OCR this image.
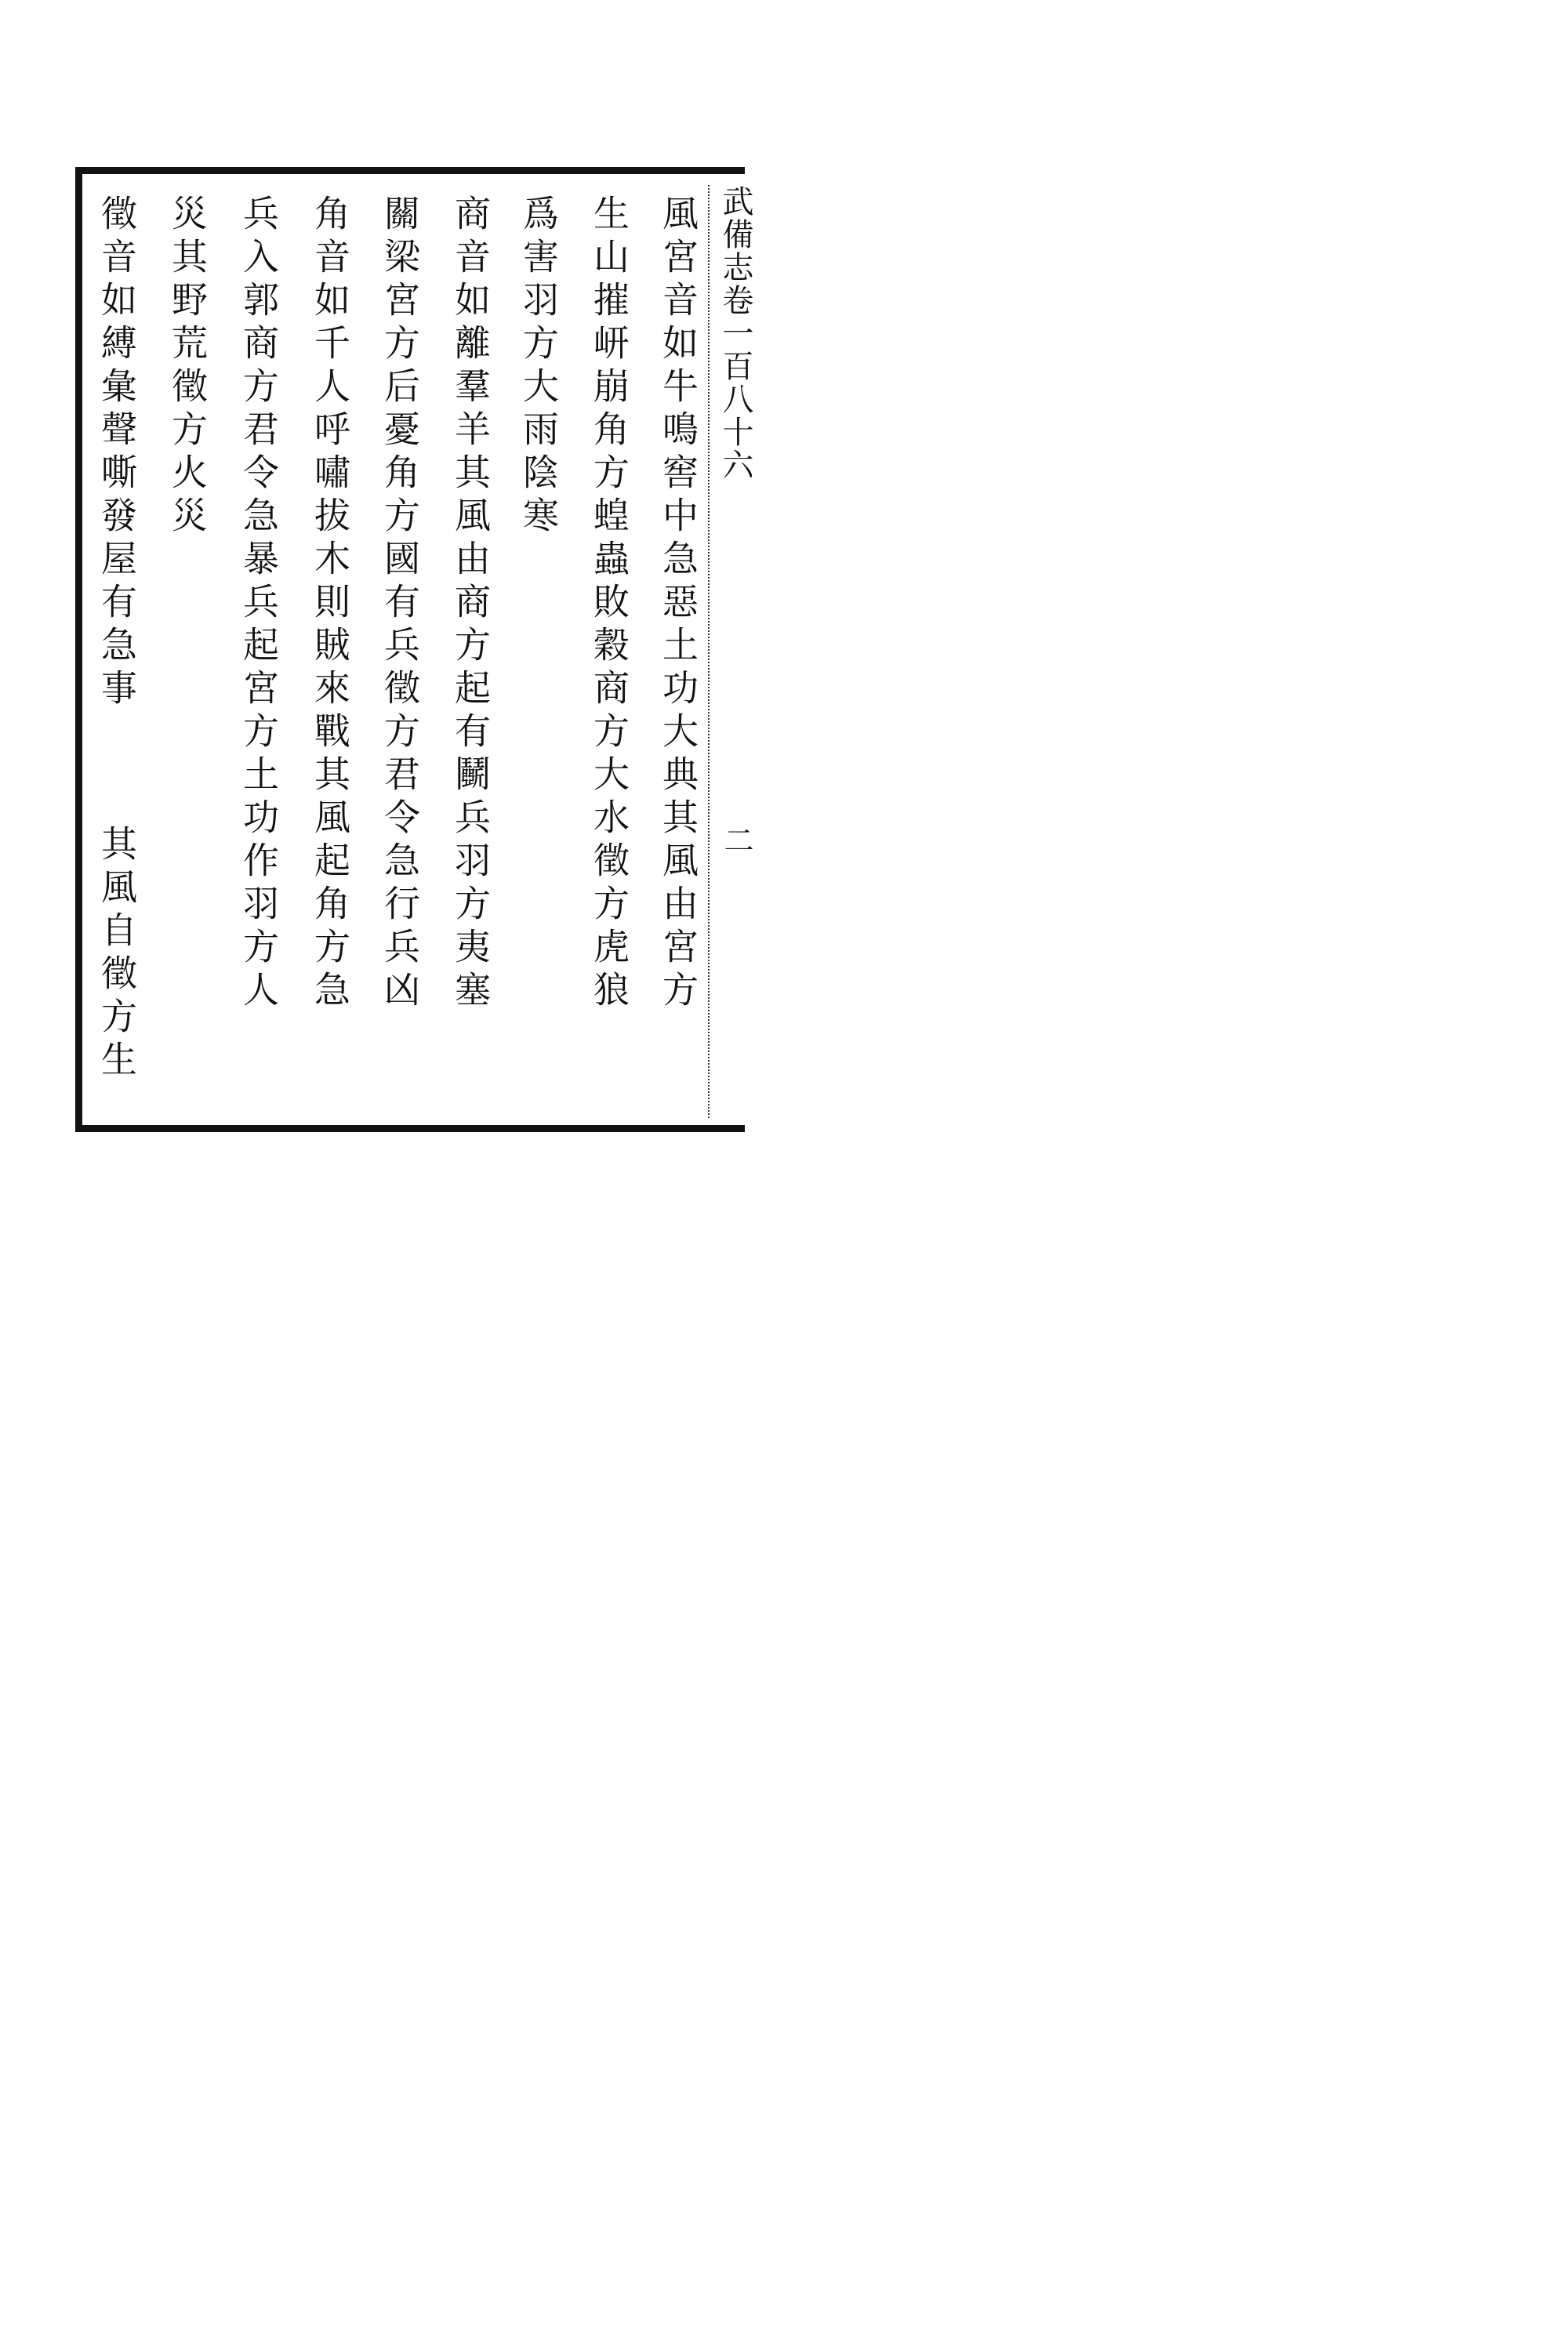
武備志卷一百八十六
二
風宮音如牛鳴窖中急惡土功大典其風由宮方
生山摧岍崩角方蝗蟲敗穀商方大水徵方虎狼
爲害羽方大雨陰寒
商音如離羣羊其風由商方起有鬭兵羽方夷塞
關梁宮方后憂角方國有兵徵方君令急行兵凶
角音如千人呼嘯拔木則賊來戰其風起角方急
兵入郭商方君令急暴兵起宮方土功作羽方人
災其野荒徵方火災
徵音如縛𢑥聲嘶發屋有急事
其風自徵方生
